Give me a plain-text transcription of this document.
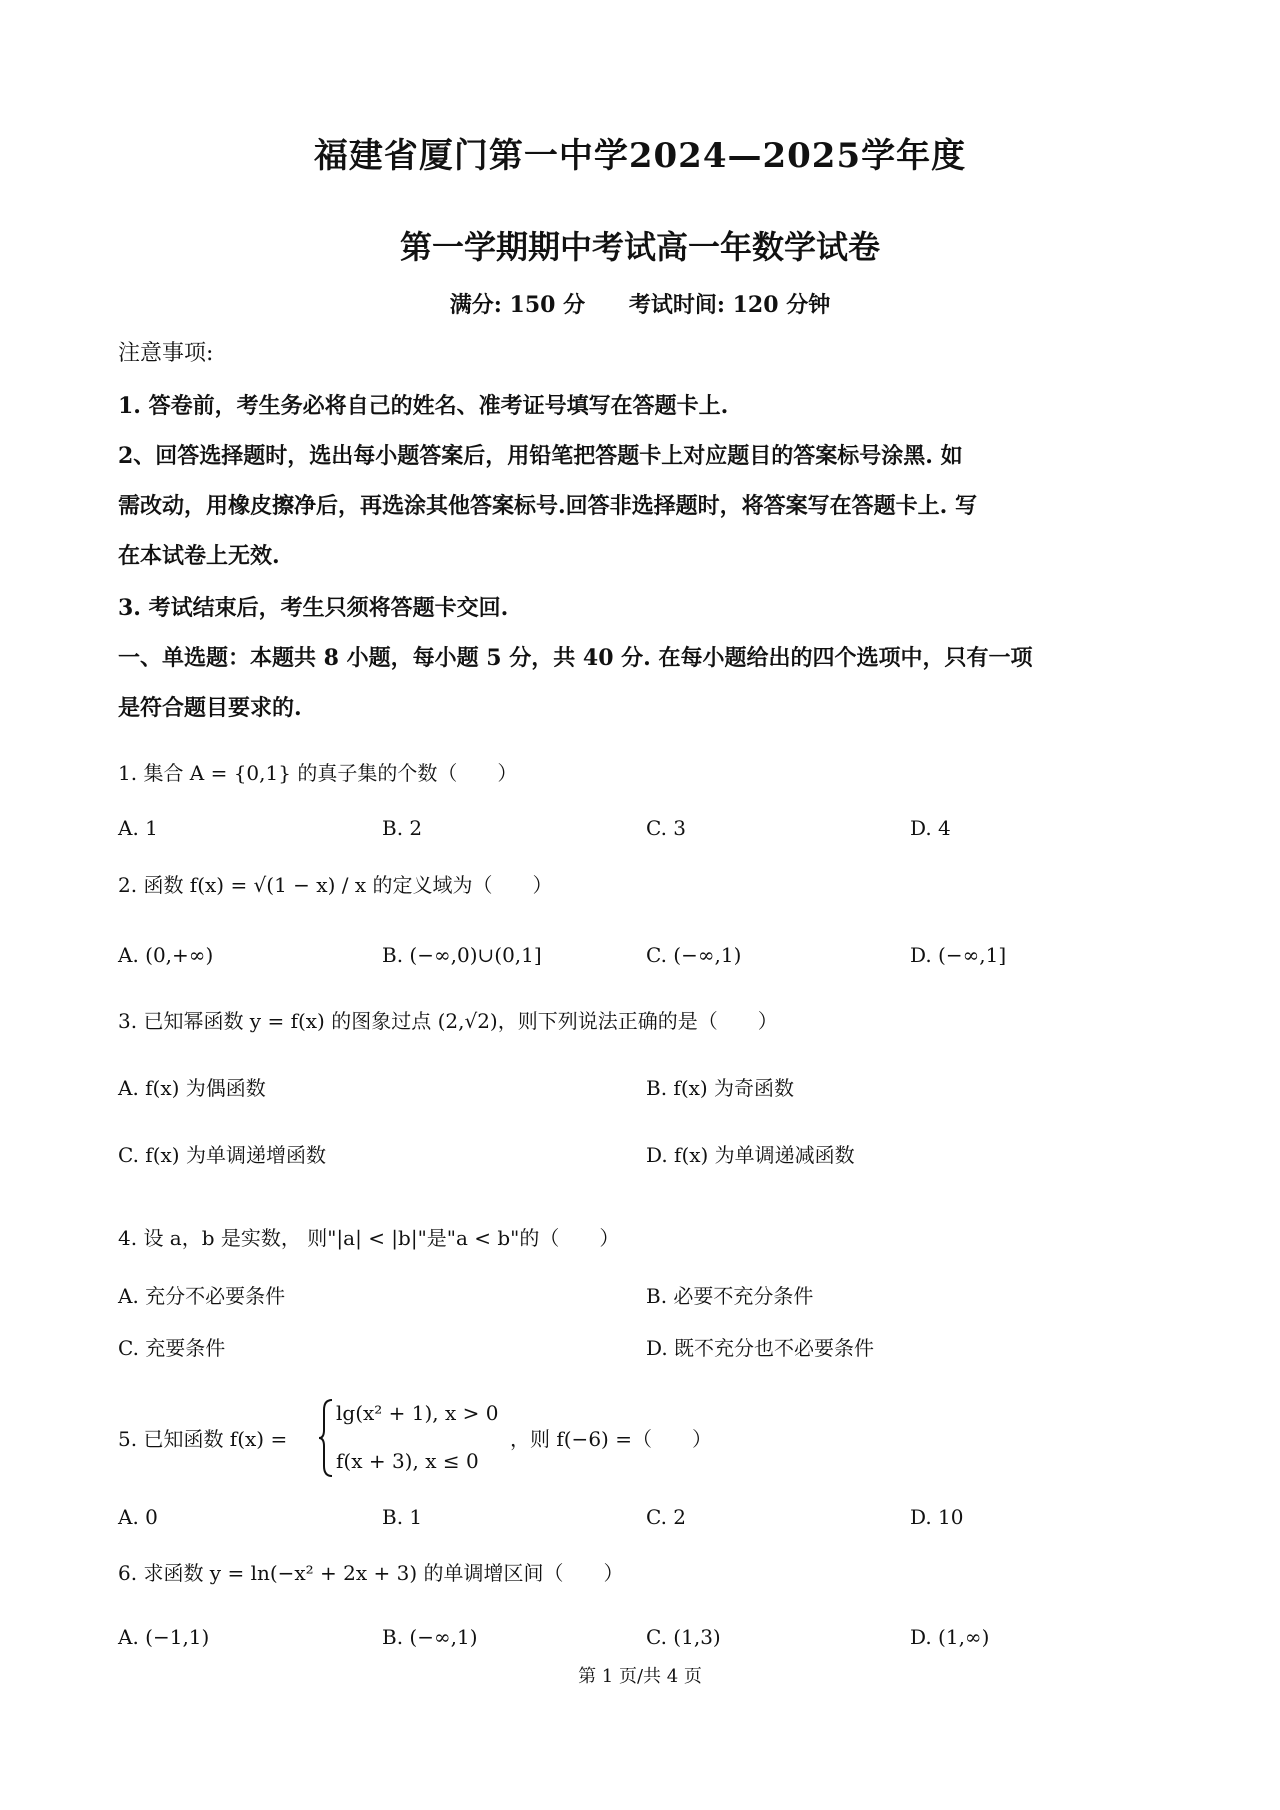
福建省厦门第一中学2024—2025学年度
第一学期期中考试高一年数学试卷
满分: 150 分 考试时间: 120 分钟
注意事项:
1. 答卷前，考生务必将自己的姓名、准考证号填写在答题卡上.
2、回答选择题时，选出每小题答案后，用铅笔把答题卡上对应题目的答案标号涂黑. 如
需改动，用橡皮擦净后，再选涂其他答案标号.回答非选择题时，将答案写在答题卡上. 写
在本试卷上无效.
3. 考试结束后，考生只须将答题卡交回.
一、单选题：本题共 8 小题，每小题 5 分，共 40 分. 在每小题给出的四个选项中，只有一项
是符合题目要求的.
1. 集合 A = {0,1} 的真子集的个数（　　）
A. 1	B. 2	C. 3	D. 4
2. 函数 f(x) = √(1 − x) / x 的定义域为（　　）
A. (0,+∞)	B. (−∞,0)∪(0,1]	C. (−∞,1)	D. (−∞,1]
3. 已知幂函数 y = f(x) 的图象过点 (2,√2)，则下列说法正确的是（　　）
A. f(x) 为偶函数	B. f(x) 为奇函数
C. f(x) 为单调递增函数	D. f(x) 为单调递减函数
4. 设 a，b 是实数， 则"|a| < |b|"是"a < b"的（　　）
A. 充分不必要条件	B. 必要不充分条件
C. 充要条件	D. 既不充分也不必要条件
5. 已知函数 f(x) =
lg(x² + 1), x > 0
f(x + 3), x ≤ 0
，则 f(−6) =（　　）
A. 0	B. 1	C. 2	D. 10
6. 求函数 y = ln(−x² + 2x + 3) 的单调增区间（　　）
A. (−1,1)	B. (−∞,1)	C. (1,3)	D. (1,∞)
第 1 页/共 4 页
